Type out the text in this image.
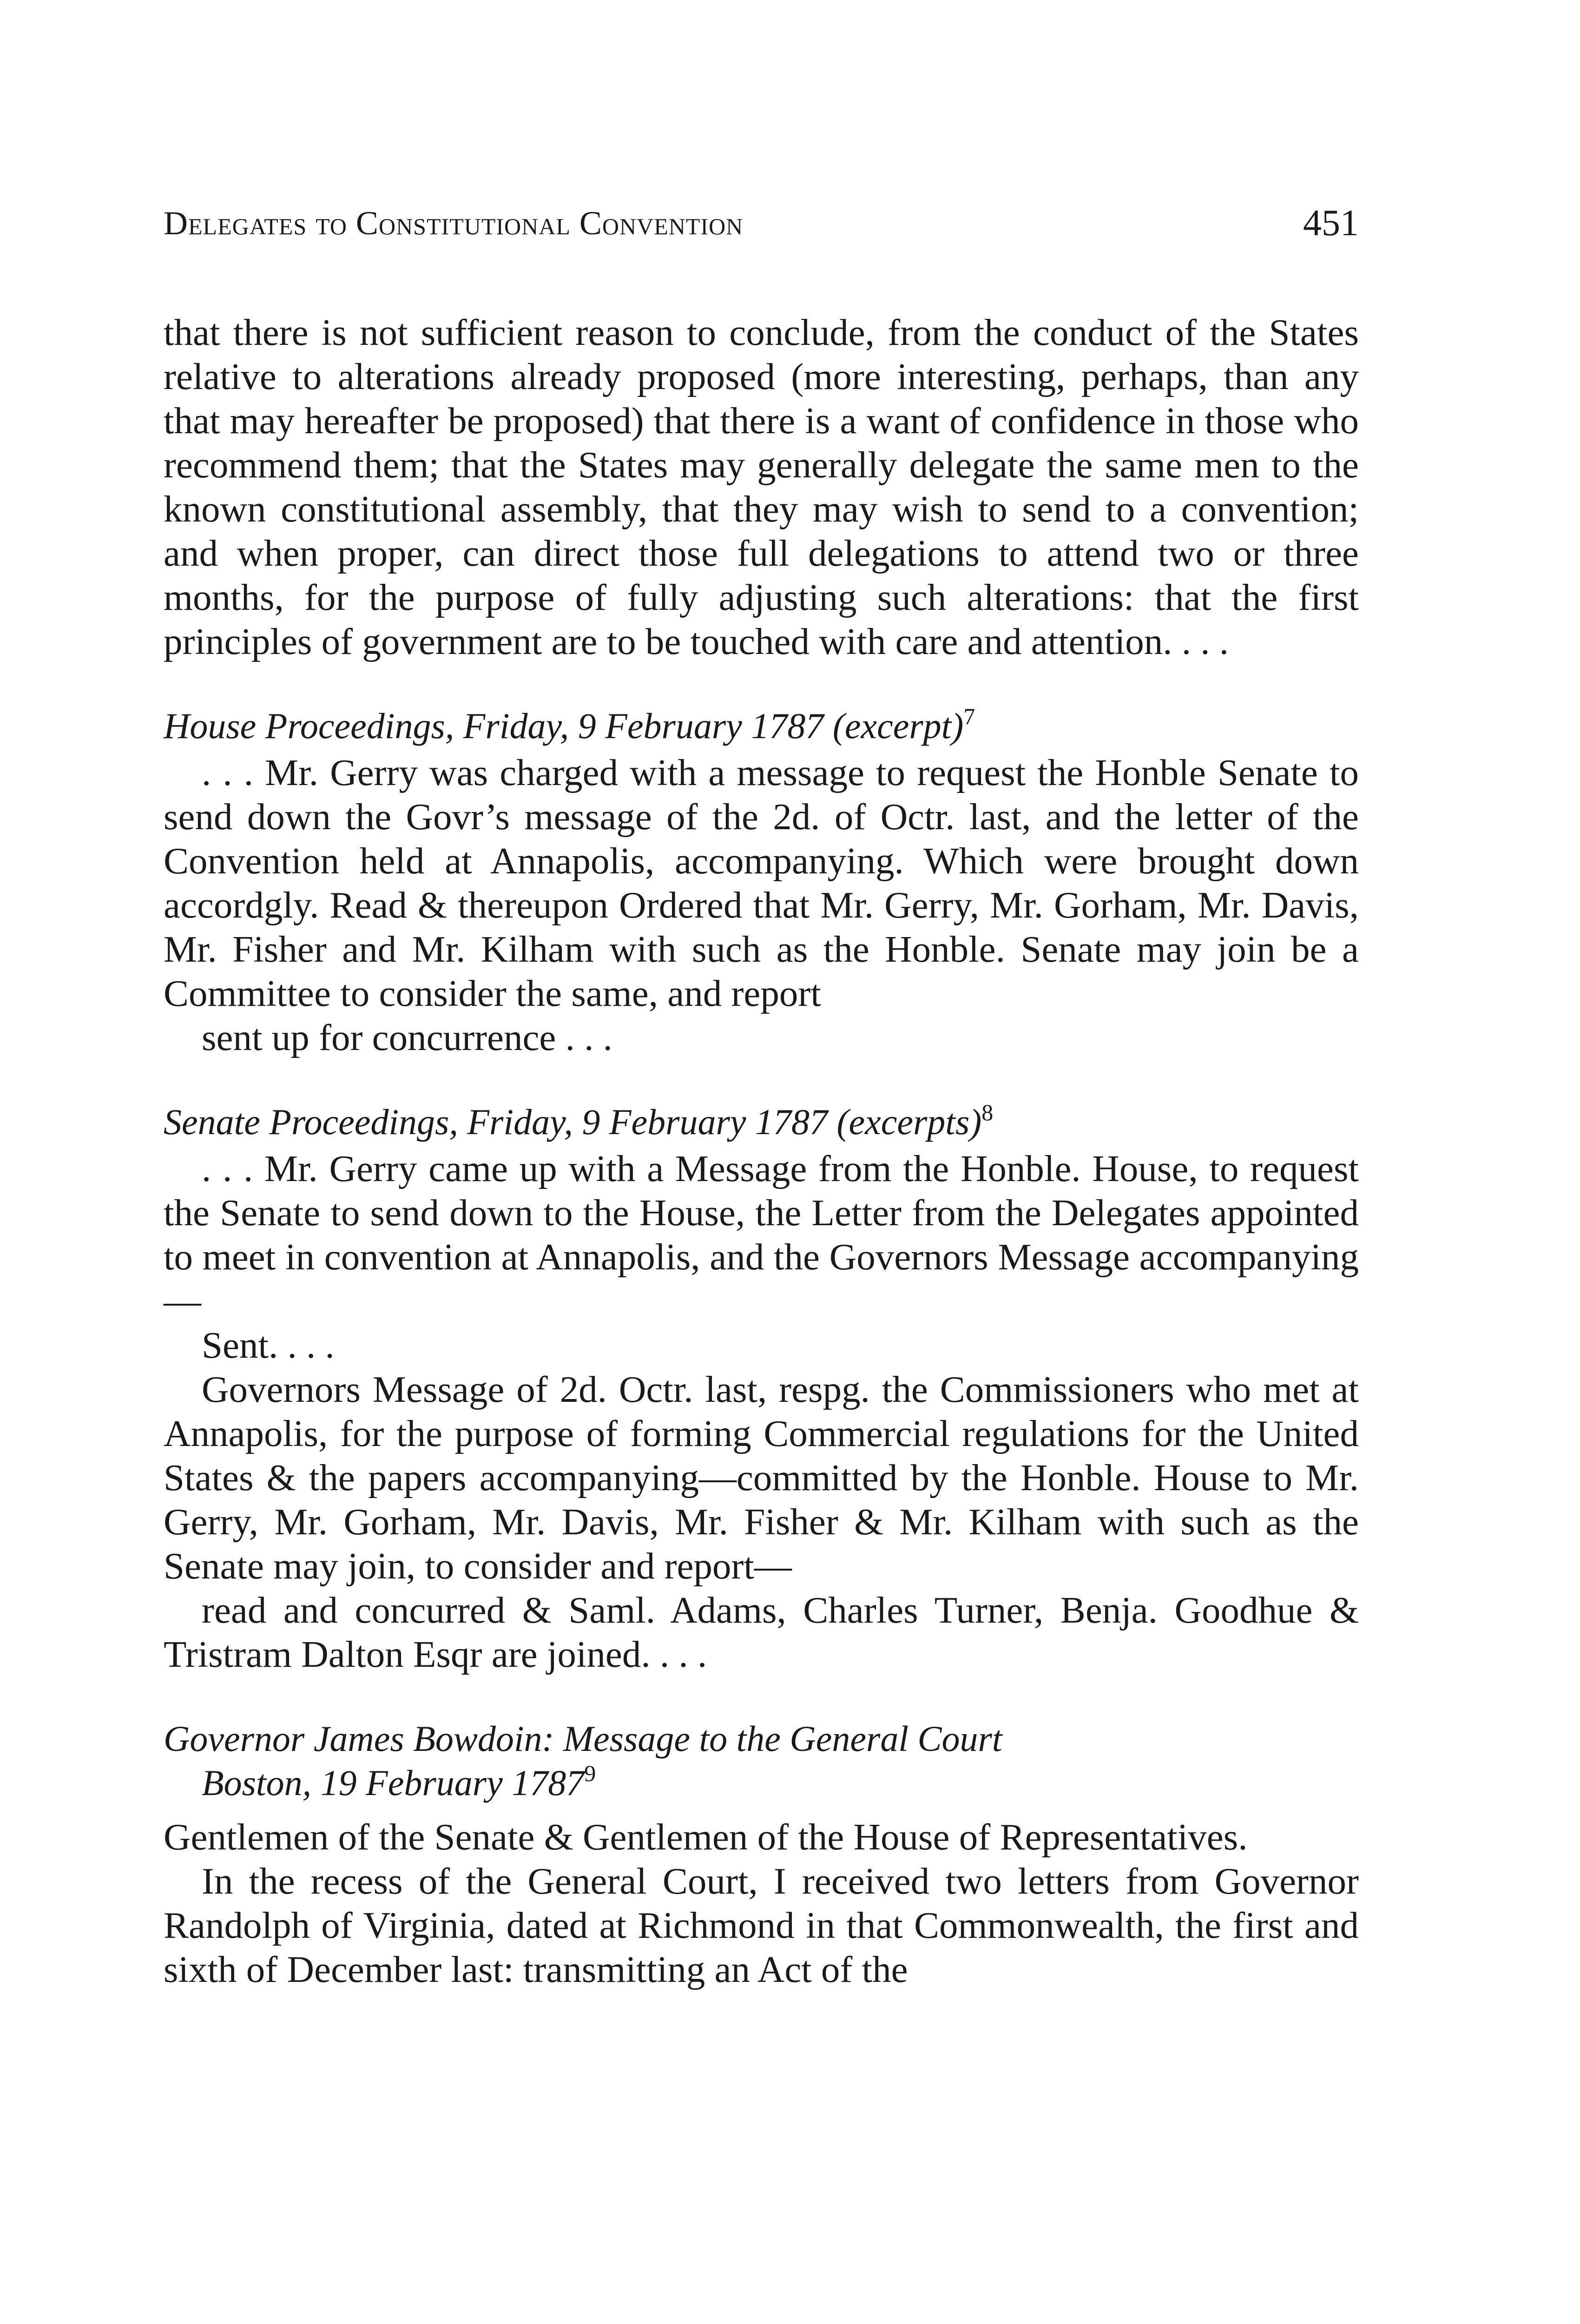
Delegates to Constitutional Convention	451

that there is not sufficient reason to conclude, from the conduct of the States relative to alterations already proposed (more interesting, perhaps, than any that may hereafter be proposed) that there is a want of confidence in those who recommend them; that the States may generally delegate the same men to the known constitutional assembly, that they may wish to send to a convention; and when proper, can direct those full delegations to attend two or three months, for the purpose of fully adjusting such alterations: that the first principles of government are to be touched with care and attention. . . .

House Proceedings, Friday, 9 February 1787 (excerpt)$^7$

. . . Mr. Gerry was charged with a message to request the Honble Senate to send down the Govr’s message of the 2d. of Octr. last, and the letter of the Convention held at Annapolis, accompanying. Which were brought down accordgly. Read & thereupon Ordered that Mr. Gerry, Mr. Gorham, Mr. Davis, Mr. Fisher and Mr. Kilham with such as the Honble. Senate may join be a Committee to consider the same, and report

sent up for concurrence . . .

Senate Proceedings, Friday, 9 February 1787 (excerpts)$^8$

. . . Mr. Gerry came up with a Message from the Honble. House, to request the Senate to send down to the House, the Letter from the Delegates appointed to meet in convention at Annapolis, and the Governors Message accompanying—

Sent. . . .

Governors Message of 2d. Octr. last, respg. the Commissioners who met at Annapolis, for the purpose of forming Commercial regulations for the United States & the papers accompanying—committed by the Honble. House to Mr. Gerry, Mr. Gorham, Mr. Davis, Mr. Fisher & Mr. Kilham with such as the Senate may join, to consider and report—

read and concurred & Saml. Adams, Charles Turner, Benja. Goodhue & Tristram Dalton Esqr are joined. . . .

Governor James Bowdoin: Message to the General Court
Boston, 19 February 1787$^9$

Gentlemen of the Senate & Gentlemen of the House of Representatives.

In the recess of the General Court, I received two letters from Governor Randolph of Virginia, dated at Richmond in that Commonwealth, the first and sixth of December last: transmitting an Act of the
